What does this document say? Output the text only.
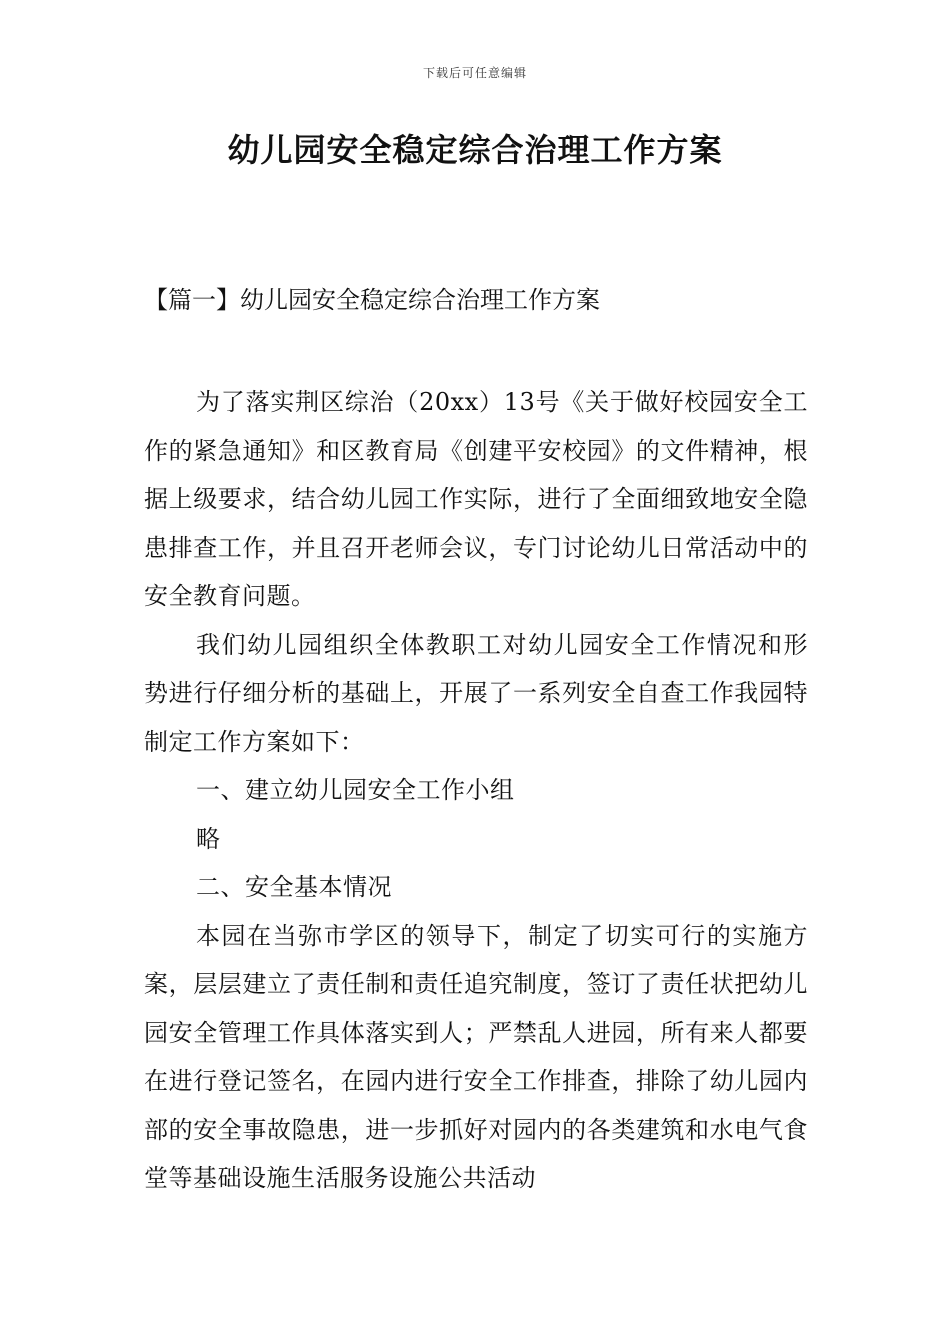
下载后可任意编辑
幼儿园安全稳定综合治理工作方案
【篇一】幼儿园安全稳定综合治理工作方案

为了落实荆区综治（20xx）13号《关于做好校园安全工作的紧急通知》和区教育局《创建平安校园》的文件精神，根据上级要求，结合幼儿园工作实际，进行了全面细致地安全隐患排查工作，并且召开老师会议，专门讨论幼儿日常活动中的安全教育问题。

我们幼儿园组织全体教职工对幼儿园安全工作情况和形势进行仔细分析的基础上，开展了一系列安全自查工作我园特制定工作方案如下：

一、建立幼儿园安全工作小组

略

二、安全基本情况

本园在当弥市学区的领导下，制定了切实可行的实施方案，层层建立了责任制和责任追究制度，签订了责任状把幼儿园安全管理工作具体落实到人；严禁乱人进园，所有来人都要在进行登记签名，在园内进行安全工作排查，排除了幼儿园内部的安全事故隐患，进一步抓好对园内的各类建筑和水电气食堂等基础设施生活服务设施公共活动
